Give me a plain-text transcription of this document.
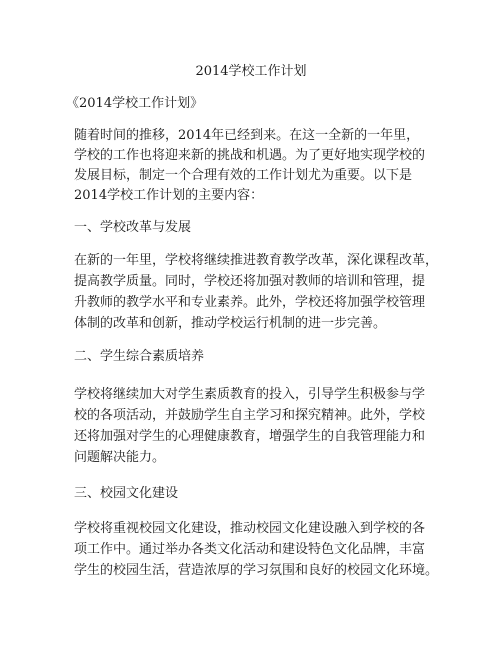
2014学校工作计划

《2014学校工作计划》

随着时间的推移，2014年已经到来。在这一全新的一年里，

学校的工作也将迎来新的挑战和机遇。为了更好地实现学校的

发展目标，制定一个合理有效的工作计划尤为重要。以下是

2014学校工作计划的主要内容：

一、学校改革与发展

在新的一年里，学校将继续推进教育教学改革，深化课程改革，

提高教学质量。同时，学校还将加强对教师的培训和管理，提

升教师的教学水平和专业素养。此外，学校还将加强学校管理

体制的改革和创新，推动学校运行机制的进一步完善。

二、学生综合素质培养

学校将继续加大对学生素质教育的投入，引导学生积极参与学

校的各项活动，并鼓励学生自主学习和探究精神。此外，学校

还将加强对学生的心理健康教育，增强学生的自我管理能力和

问题解决能力。

三、校园文化建设

学校将重视校园文化建设，推动校园文化建设融入到学校的各

项工作中。通过举办各类文化活动和建设特色文化品牌，丰富

学生的校园生活，营造浓厚的学习氛围和良好的校园文化环境。
